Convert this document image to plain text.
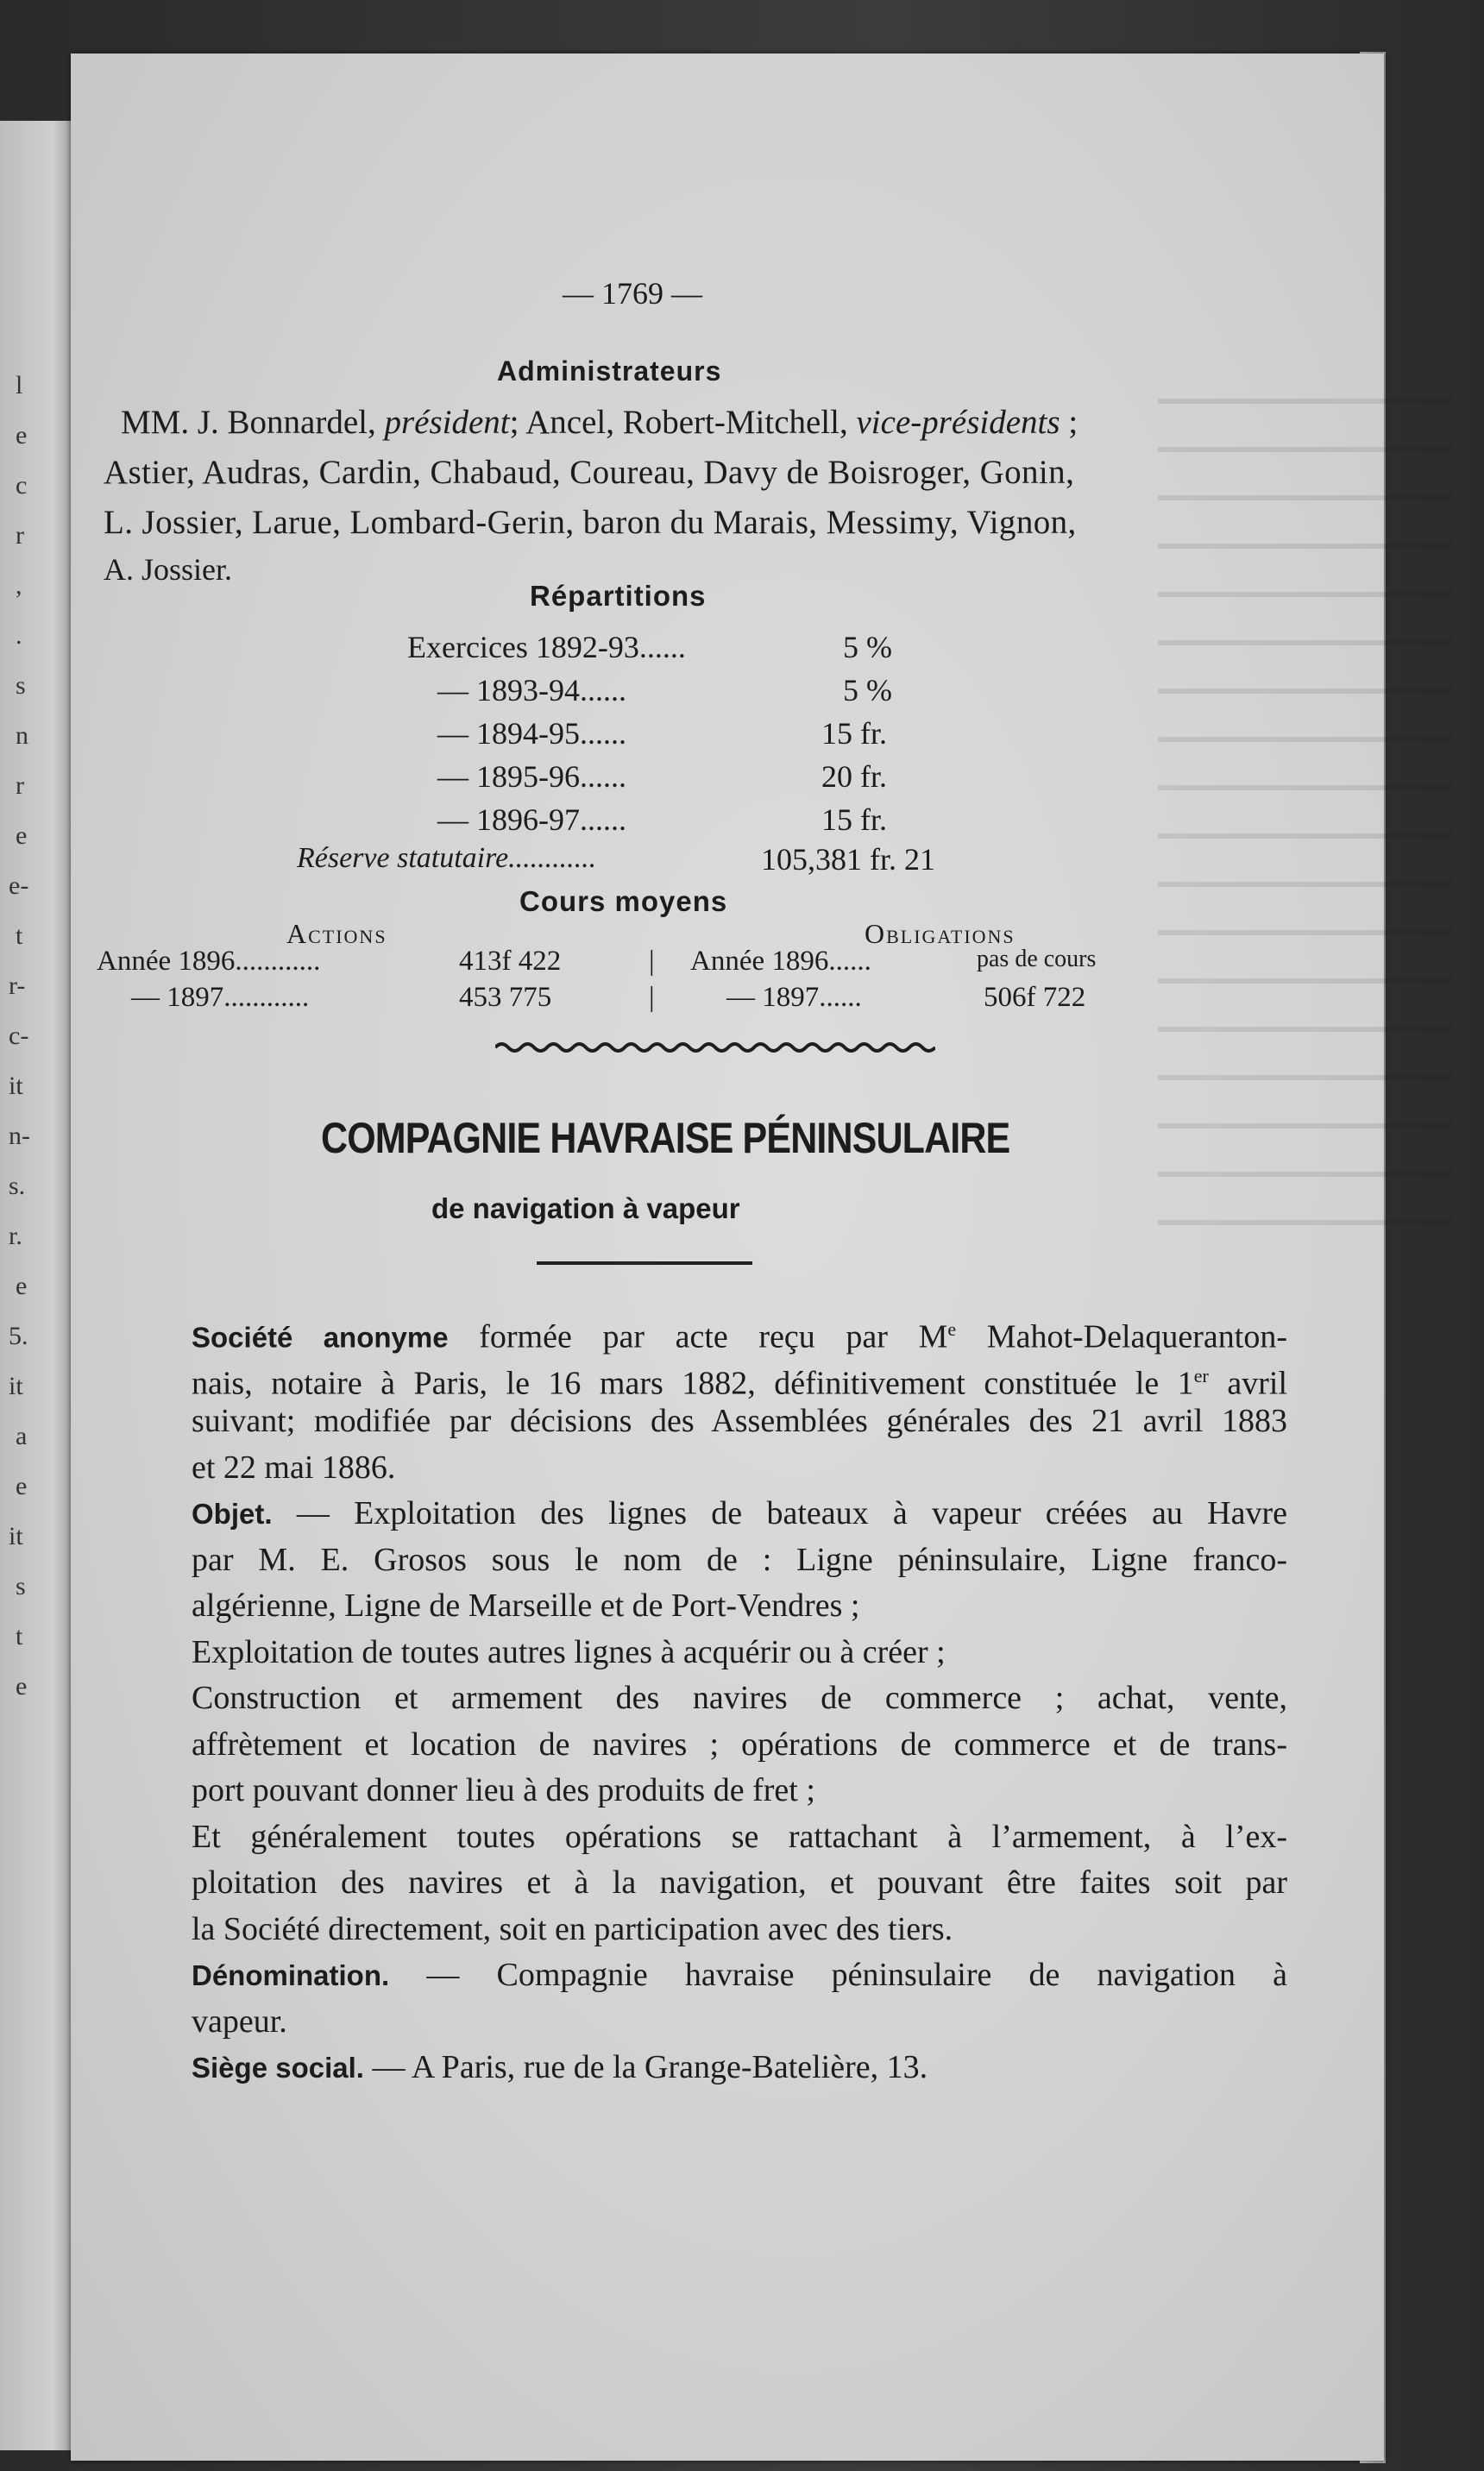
l
e
c
r
,
.
s
n
r
e
e-
t
r-
c-
it
n-
s.
r.
e
5.
it
a
e
it
s
t
e
— 1769 —
Administrateurs
MM. J. Bonnardel, président; Ancel, Robert-Mitchell, vice-présidents ;
Astier, Audras, Cardin, Chabaud, Coureau, Davy de Boisroger, Gonin,
L. Jossier, Larue, Lombard-Gerin, baron du Marais, Messimy, Vignon,
A. Jossier.
Répartitions
Exercices 1892-93......	5 %
— 1893-94......	5 %
— 1894-95......	15 fr.
— 1895-96......	20 fr.
— 1896-97......	15 fr.
Réserve statutaire............	105,381 fr. 21
Cours moyens
Actions	Obligations
Année 1896............	413f 422	| Année 1896......	pas de cours
— 1897............	453 775	|	— 1897......	506f 722
COMPAGNIE HAVRAISE PÉNINSULAIRE
de navigation à vapeur
Société anonyme formée par acte reçu par Me Mahot-Delaqueranton-
nais, notaire à Paris, le 16 mars 1882, définitivement constituée le 1er avril
suivant; modifiée par décisions des Assemblées générales des 21 avril 1883
et 22 mai 1886.
Objet. — Exploitation des lignes de bateaux à vapeur créées au Havre
par M. E. Grosos sous le nom de : Ligne péninsulaire, Ligne franco-
algérienne, Ligne de Marseille et de Port-Vendres ;
Exploitation de toutes autres lignes à acquérir ou à créer ;
Construction et armement des navires de commerce ; achat, vente,
affrètement et location de navires ; opérations de commerce et de trans-
port pouvant donner lieu à des produits de fret ;
Et généralement toutes opérations se rattachant à l’armement, à l’ex-
ploitation des navires et à la navigation, et pouvant être faites soit par
la Société directement, soit en participation avec des tiers.
Dénomination. — Compagnie havraise péninsulaire de navigation à
vapeur.
Siège social. — A Paris, rue de la Grange-Batelière, 13.
